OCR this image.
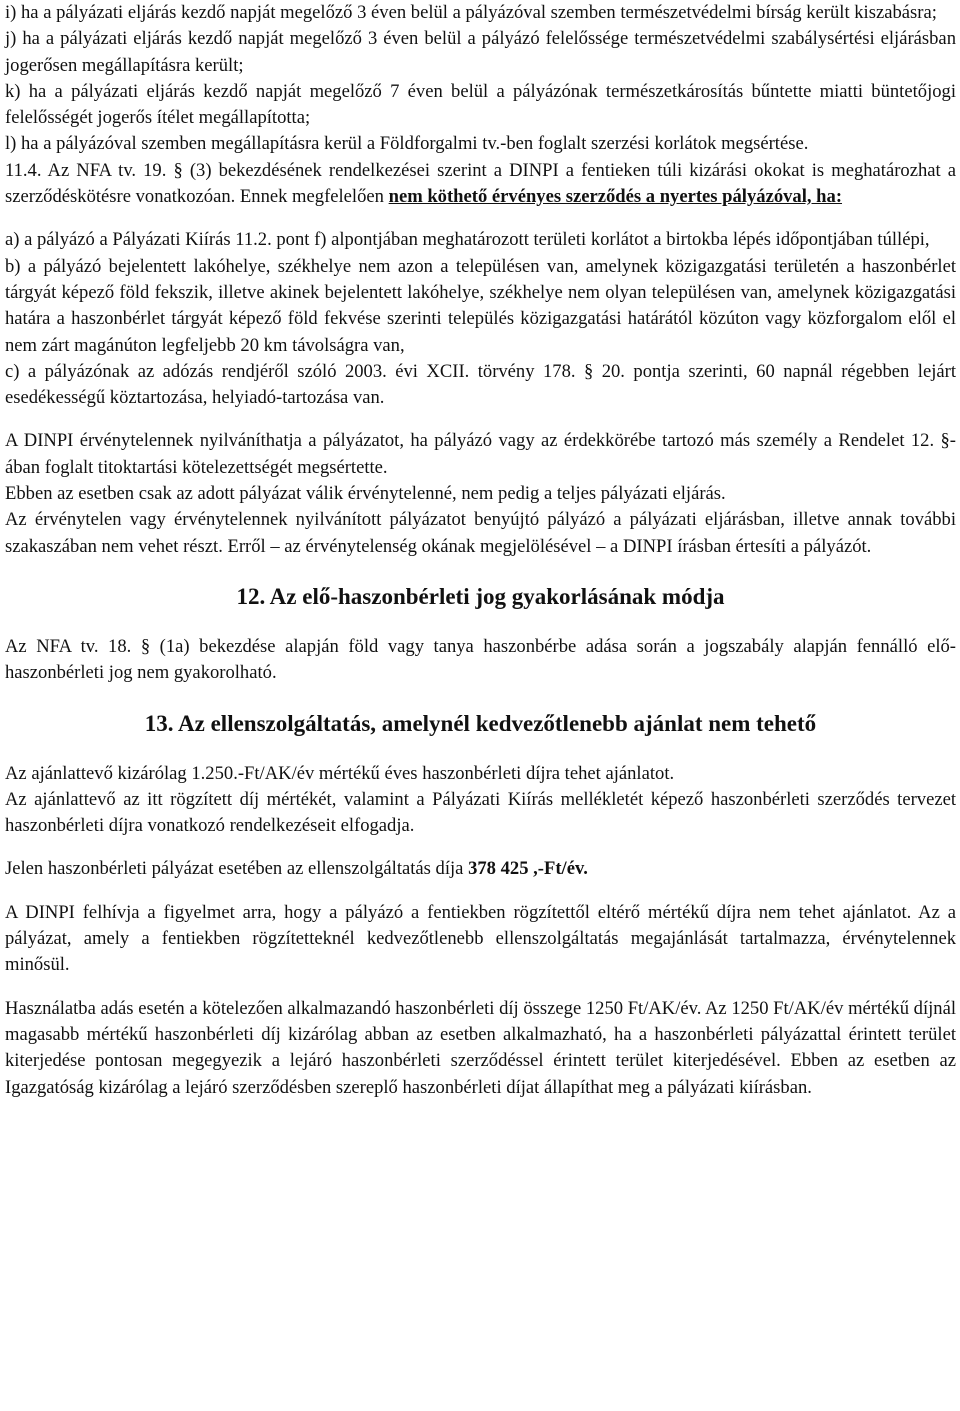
i) ha a pályázati eljárás kezdő napját megelőző 3 éven belül a pályázóval szemben természetvédelmi bírság került kiszabásra;

j) ha a pályázati eljárás kezdő napját megelőző 3 éven belül a pályázó felelőssége természetvédelmi szabálysértési eljárásban jogerősen megállapításra került;

k) ha a pályázati eljárás kezdő napját megelőző 7 éven belül a pályázónak természetkárosítás bűntette miatti büntetőjogi felelősségét jogerős ítélet megállapította;

l) ha a pályázóval szemben megállapításra kerül a Földforgalmi tv.-ben foglalt szerzési korlátok megsértése.

11.4. Az NFA tv. 19. § (3) bekezdésének rendelkezései szerint a DINPI a fentieken túli kizárási okokat is meghatározhat a szerződéskötésre vonatkozóan. Ennek megfelelően nem köthető érvényes szerződés a nyertes pályázóval, ha:

a) a pályázó a Pályázati Kiírás 11.2. pont f) alpontjában meghatározott területi korlátot a birtokba lépés időpontjában túllépi,

b) a pályázó bejelentett lakóhelye, székhelye nem azon a településen van, amelynek közigazgatási területén a haszonbérlet tárgyát képező föld fekszik, illetve akinek bejelentett lakóhelye, székhelye nem olyan településen van, amelynek közigazgatási határa a haszonbérlet tárgyát képező föld fekvése szerinti település közigazgatási határától közúton vagy közforgalom elől el nem zárt magánúton legfeljebb 20 km távolságra van,

c) a pályázónak az adózás rendjéről szóló 2003. évi XCII. törvény 178. § 20. pontja szerinti, 60 napnál régebben lejárt esedékességű köztartozása, helyiadó-tartozása van.

A DINPI érvénytelennek nyilváníthatja a pályázatot, ha pályázó vagy az érdekkörébe tartozó más személy a Rendelet 12. §-ában foglalt titoktartási kötelezettségét megsértette.

Ebben az esetben csak az adott pályázat válik érvénytelenné, nem pedig a teljes pályázati eljárás.

Az érvénytelen vagy érvénytelennek nyilvánított pályázatot benyújtó pályázó a pályázati eljárásban, illetve annak további szakaszában nem vehet részt. Erről – az érvénytelenség okának megjelölésével – a DINPI írásban értesíti a pályázót.

12. Az elő-haszonbérleti jog gyakorlásának módja

Az NFA tv. 18. § (1a) bekezdése alapján föld vagy tanya haszonbérbe adása során a jogszabály alapján fennálló elő-haszonbérleti jog nem gyakorolható.

13. Az ellenszolgáltatás, amelynél kedvezőtlenebb ajánlat nem tehető

Az ajánlattevő kizárólag 1.250.-Ft/AK/év mértékű éves haszonbérleti díjra tehet ajánlatot.

Az ajánlattevő az itt rögzített díj mértékét, valamint a Pályázati Kiírás mellékletét képező haszonbérleti szerződés tervezet haszonbérleti díjra vonatkozó rendelkezéseit elfogadja.

Jelen haszonbérleti pályázat esetében az ellenszolgáltatás díja 378 425 ,-Ft/év.

A DINPI felhívja a figyelmet arra, hogy a pályázó a fentiekben rögzítettől eltérő mértékű díjra nem tehet ajánlatot. Az a pályázat, amely a fentiekben rögzítetteknél kedvezőtlenebb ellenszolgáltatás megajánlását tartalmazza, érvénytelennek minősül.

Használatba adás esetén a kötelezően alkalmazandó haszonbérleti díj összege 1250 Ft/AK/év. Az 1250 Ft/AK/év mértékű díjnál magasabb mértékű haszonbérleti díj kizárólag abban az esetben alkalmazható, ha a haszonbérleti pályázattal érintett terület kiterjedése pontosan megegyezik a lejáró haszonbérleti szerződéssel érintett terület kiterjedésével. Ebben az esetben az Igazgatóság kizárólag a lejáró szerződésben szereplő haszonbérleti díjat állapíthat meg a pályázati kiírásban.
